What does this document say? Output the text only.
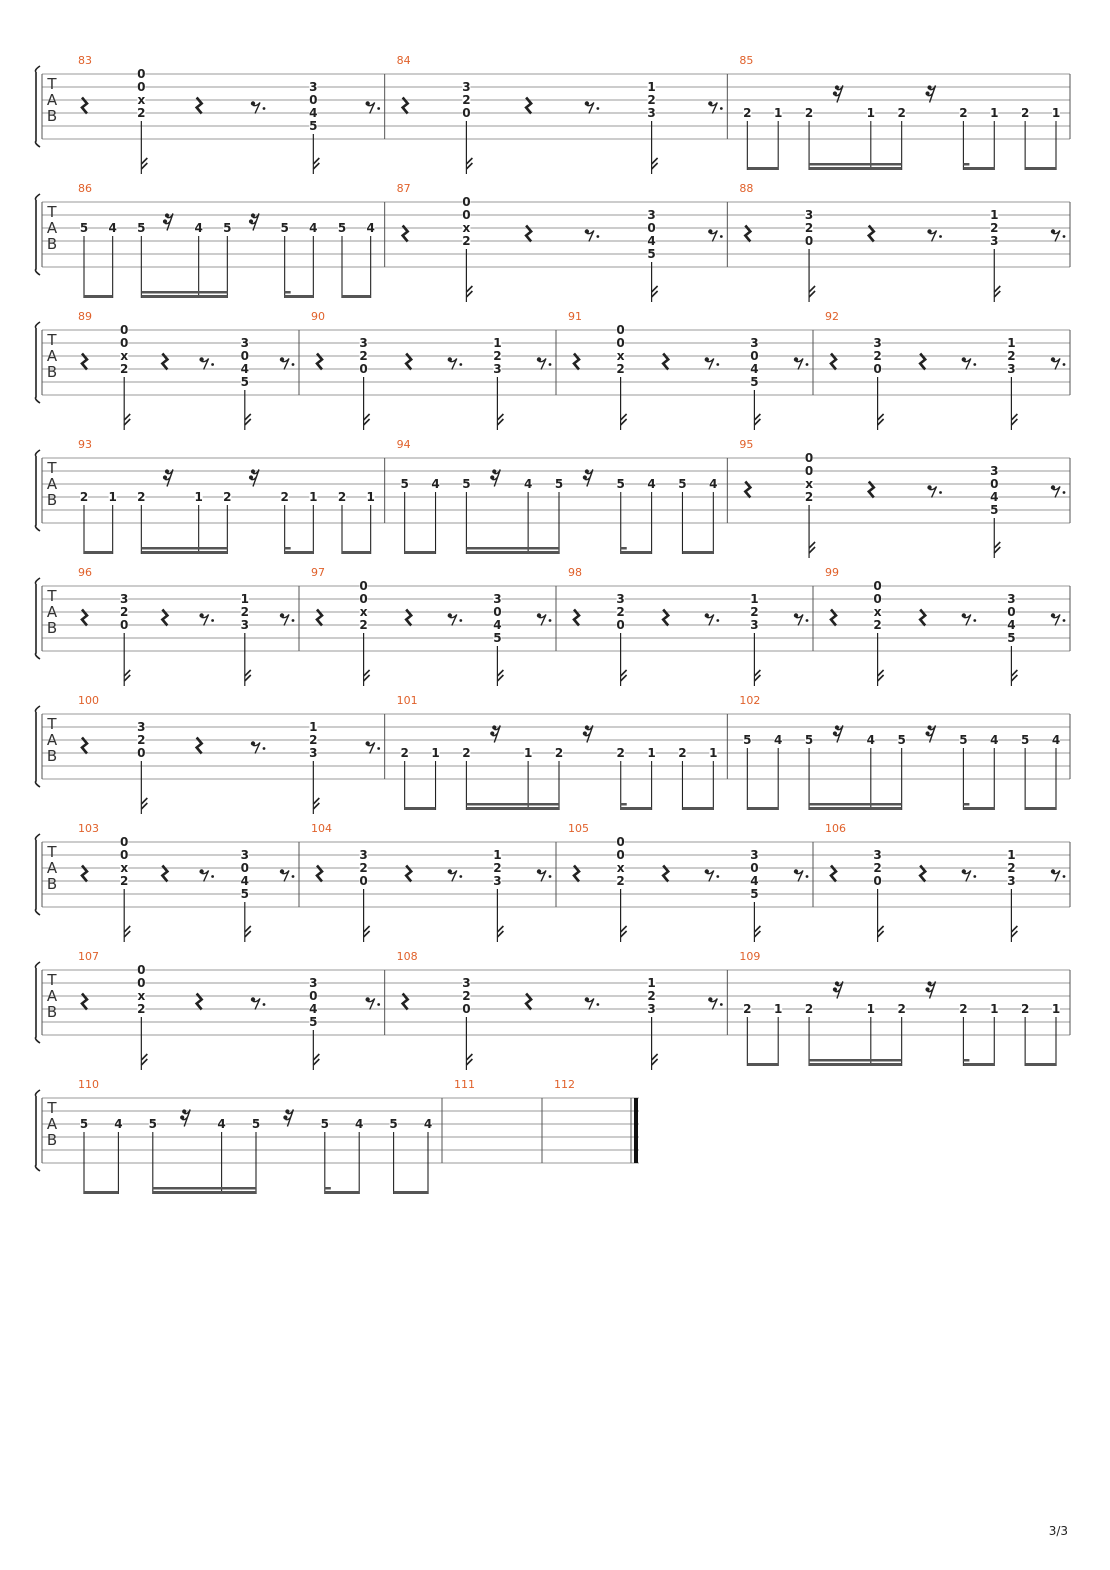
T
A
B
83
0
0
x
2
3
0
4
5
84
3
2
0
1
2
3
85
2 1 2	1 2	2 1 2 1
T
A
B
86
5 4 5	4 5	5 4 5 4
87
0
0
x
2
3
0
4
5
88
3
2
0
1
2
3
T
A
B
89
0
0
x
2
3
0
4
5
90
3
2
0
1
2
3
91
0
0
x
2
3
0
4
5
92
3
2
0
1
2
3
T
A
B
93
2 1 2	1 2	2 1 2 1
94
5 4 5	4 5	5 4 5 4
95
0
0
x
2
3
0
4
5
T
A
B
96
3
2
0
1
2
3
97
0
0
x
2
3
0
4
5
98
3
2
0
1
2
3
99
0
0
x
2
3
0
4
5
T
A
B
100
3
2
0
1
2
3
101
2 1 2	1 2	2 1 2 1
102
5 4 5	4 5	5 4 5 4
T
A
B
103
0
0
x
2
3
0
4
5
104
3
2
0
1
2
3
105
0
0
x
2
3
0
4
5
106
3
2
0
1
2
3
T
A
B
107
0
0
x
2
3
0
4
5
108
3
2
0
1
2
3
109
2 1 2	1 2	2 1 2 1
T
A
B
110
5 4 5	4 5	5 4 5 4
111	112
3/3
